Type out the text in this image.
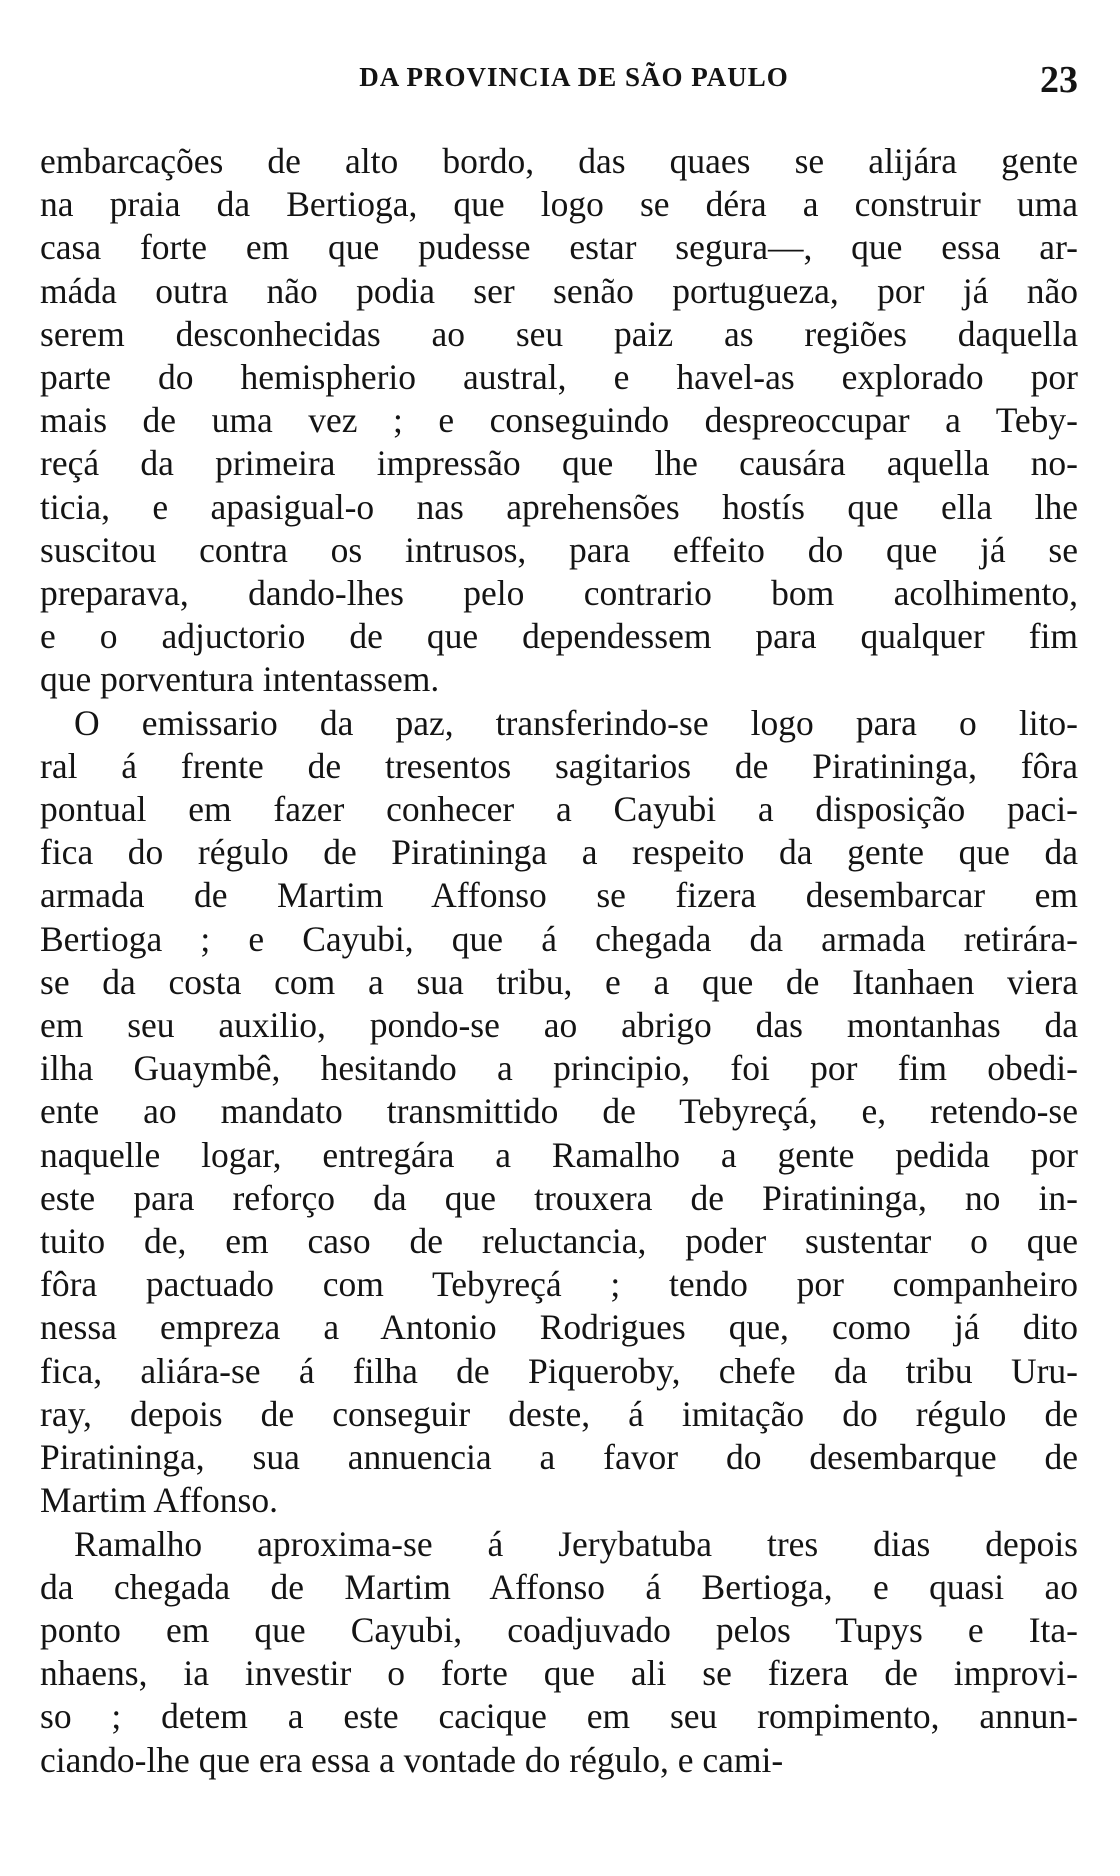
DA PROVINCIA DE SÃO PAULO	23

embarcações de alto bordo, das quaes se alijára gente
na praia da Bertioga, que logo se déra a construir uma
casa forte em que pudesse estar segura—, que essa ar-
máda outra não podia ser senão portugueza, por já não
serem desconhecidas ao seu paiz as regiões daquella
parte do hemispherio austral, e havel-as explorado por
mais de uma vez ; e conseguindo despreoccupar a Teby-
reçá da primeira impressão que lhe causára aquella no-
ticia, e apasigual-o nas aprehensões hostís que ella lhe
suscitou contra os intrusos, para effeito do que já se
preparava, dando-lhes pelo contrario bom acolhimento,
e o adjuctorio de que dependessem para qualquer fim
que porventura intentassem.

O emissario da paz, transferindo-se logo para o lito-
ral á frente de tresentos sagitarios de Piratininga, fôra
pontual em fazer conhecer a Cayubi a disposição paci-
fica do régulo de Piratininga a respeito da gente que da
armada de Martim Affonso se fizera desembarcar em
Bertioga ; e Cayubi, que á chegada da armada retirára-
se da costa com a sua tribu, e a que de Itanhaen viera
em seu auxilio, pondo-se ao abrigo das montanhas da
ilha Guaymbê, hesitando a principio, foi por fim obedi-
ente ao mandato transmittido de Tebyreçá, e, retendo-se
naquelle logar, entregára a Ramalho a gente pedida por
este para reforço da que trouxera de Piratininga, no in-
tuito de, em caso de reluctancia, poder sustentar o que
fôra pactuado com Tebyreçá ; tendo por companheiro
nessa empreza a Antonio Rodrigues que, como já dito
fica, aliára-se á filha de Piqueroby, chefe da tribu Uru-
ray, depois de conseguir deste, á imitação do régulo de
Piratininga, sua annuencia a favor do desembarque de
Martim Affonso.

Ramalho aproxima-se á Jerybatuba tres dias depois
da chegada de Martim Affonso á Bertioga, e quasi ao
ponto em que Cayubi, coadjuvado pelos Tupys e Ita-
nhaens, ia investir o forte que ali se fizera de improvi-
so ; detem a este cacique em seu rompimento, annun-
ciando-lhe que era essa a vontade do régulo, e cami-
